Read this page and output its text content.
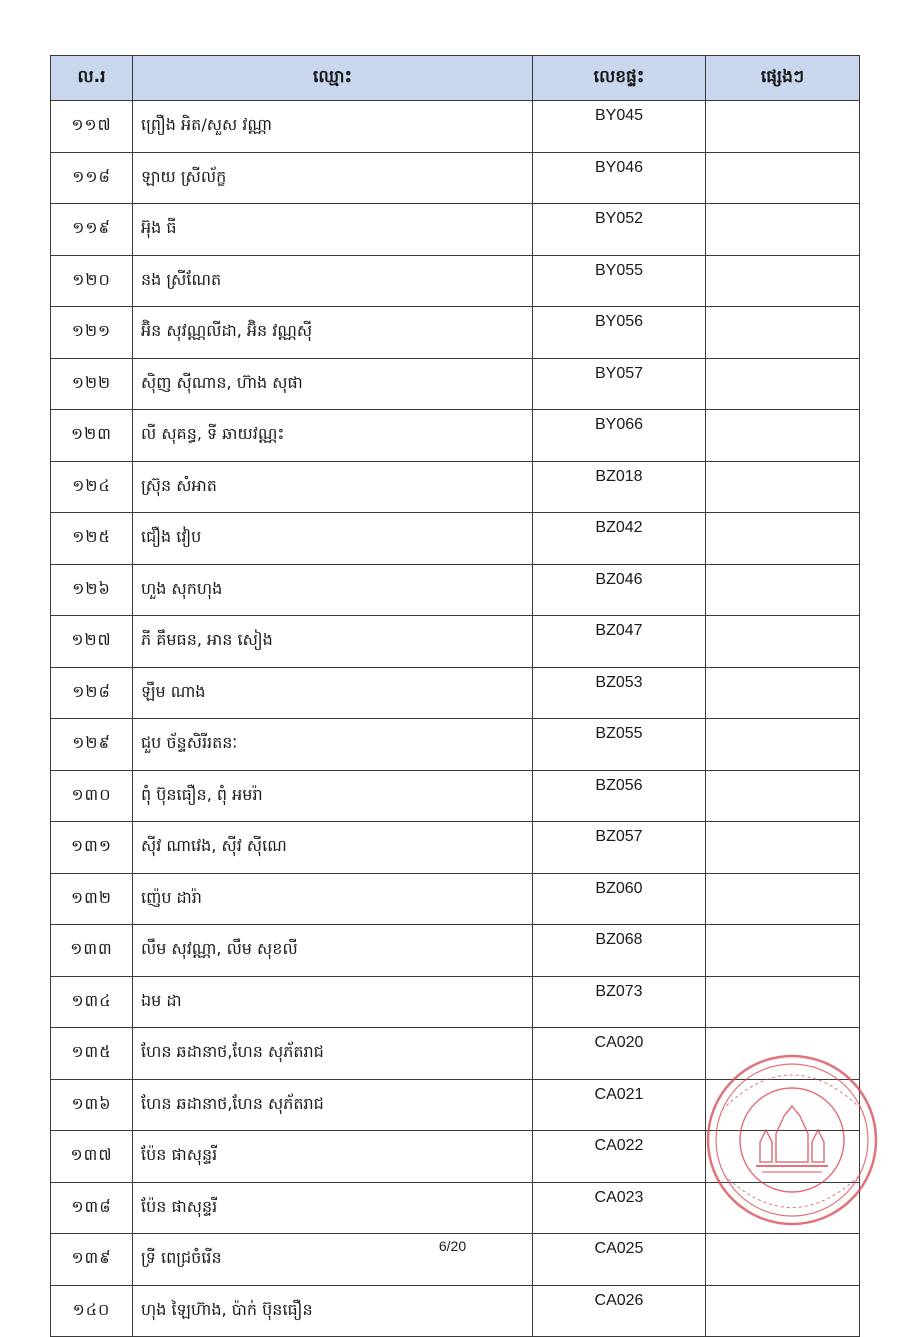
ល.រ	ឈ្មោះ	លេខផ្ទះ	ផ្សេងៗ
១១៧	ព្រឿង អិត/សួស វណ្ណា	BY045	
១១៨	ឡាយ ស្រីល័ក្ខ	BY046	
១១៩	អ៊ុង ធី	BY052	
១២០	នង ស្រីណែត	BY055	
១២១	អ៊ិន សុវណ្ណលីដា, អ៊ិន វណ្ណស៊ី	BY056	
១២២	ស៊ិញ ស៊ីណាន, ហ៊ាង សុផា	BY057	
១២៣	លី សុគន្ធ, ទី ឆាយវណ្ណះ	BY066	
១២៤	ស៊្រុន សំអាត	BZ018	
១២៥	ជឿង វៀប	BZ042	
១២៦	ហួង សុកហុង	BZ046	
១២៧	ភី គឹមធន, អាន សៀង	BZ047	
១២៨	ឡឹម ណាង	BZ053	
១២៩	ជួប ច័ន្ទសិរីរតនៈ	BZ055	
១៣០	ពុំ ប៊ុនធឿន, ពុំ អមរ៉ា	BZ056	
១៣១	ស៊ីវ ណាវេង, ស៊ីវ ស៊ីណេ	BZ057	
១៣២	ញ៉េប ដារ៉ា	BZ060	
១៣៣	លឹម សុវណ្ណា, លឹម សុខលី	BZ068	
១៣៤	ឯម ដា	BZ073	
១៣៥	ហែន ឆដានាថ,ហែន សុភ័តរាជ	CA020	
១៣៦	ហែន ឆដានាថ,ហែន សុភ័តរាជ	CA021	
១៣៧	ប៉ែន ផាសុន្ទរី	CA022	
១៣៨	ប៉ែន ផាសុន្ទរី	CA023	
១៣៩	ទ្រី ពេជ្រចំរើន	CA025	
១៤០	ហុង ឡៃហ៊ាង, ប៉ាក់ ប៊ុនធឿន	CA026	
6/20
